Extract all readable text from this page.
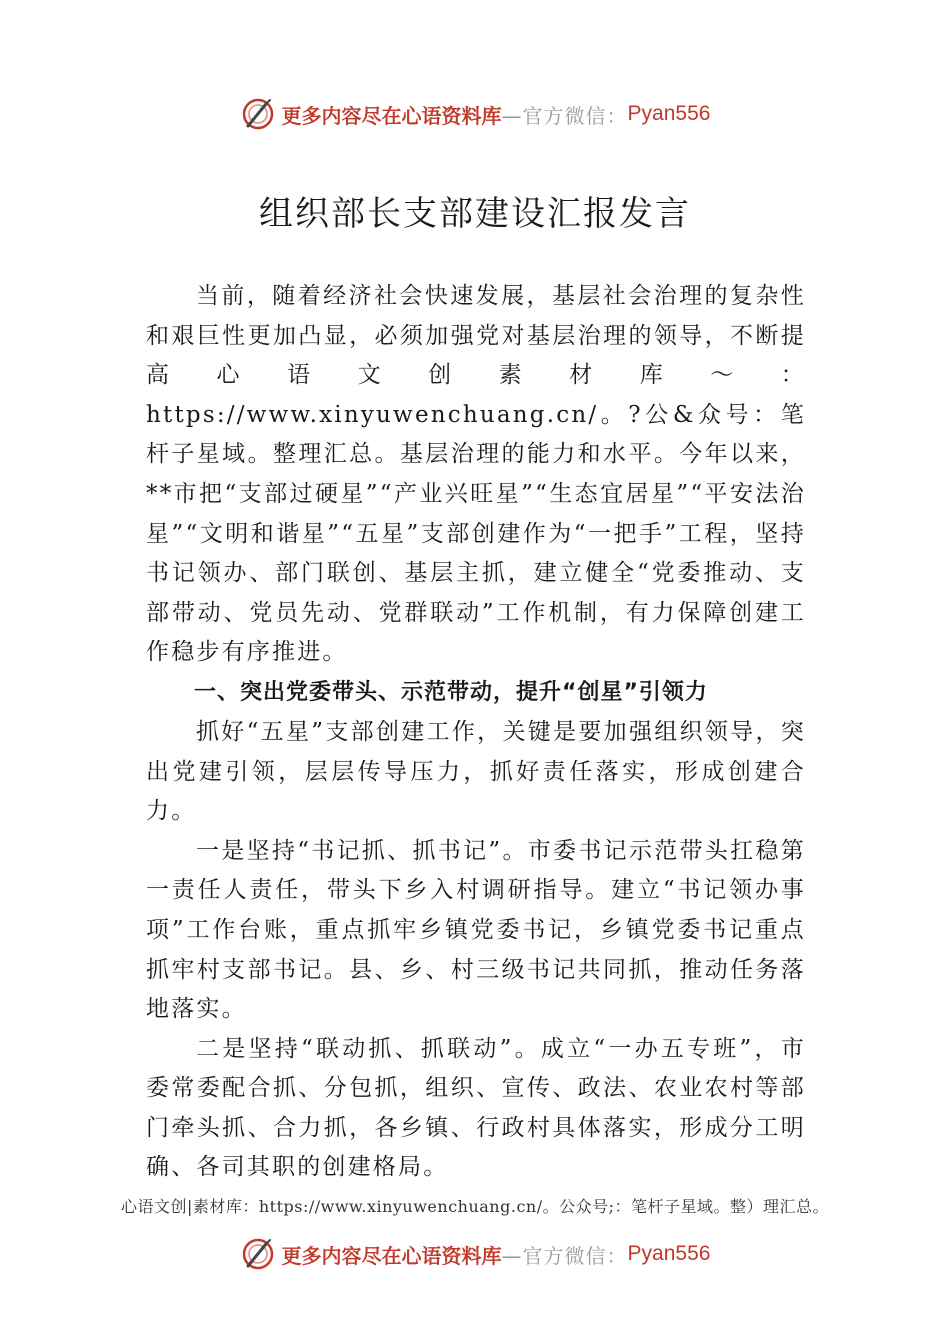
更多内容尽在心语资料库 —官方微信： Pyan556
组织部长支部建设汇报发言

当前，随着经济社会快速发展，基层社会治理的复杂性和艰巨性更加凸显，必须加强党对基层治理的领导，不断提高心语文创素材库～：https://www.xinyuwenchuang.cn/。?公&众号：笔杆子星域。整理汇总。基层治理的能力和水平。今年以来，**市把“支部过硬星”“产业兴旺星”“生态宜居星”“平安法治星”“文明和谐星”“五星”支部创建作为“一把手”工程，坚持书记领办、部门联创、基层主抓，建立健全“党委推动、支部带动、党员先动、党群联动”工作机制，有力保障创建工作稳步有序推进。

一、突出党委带头、示范带动，提升“创星”引领力

抓好“五星”支部创建工作，关键是要加强组织领导，突出党建引领，层层传导压力，抓好责任落实，形成创建合力。

一是坚持“书记抓、抓书记”。市委书记示范带头扛稳第一责任人责任，带头下乡入村调研指导。建立“书记领办事项”工作台账，重点抓牢乡镇党委书记，乡镇党委书记重点抓牢村支部书记。县、乡、村三级书记共同抓，推动任务落地落实。

二是坚持“联动抓、抓联动”。成立“一办五专班”，市委常委配合抓、分包抓，组织、宣传、政法、农业农村等部门牵头抓、合力抓，各乡镇、行政村具体落实，形成分工明确、各司其职的创建格局。

心语文创|素材库：https://www.xinyuwenchuang.cn/。公众号;：笔杆子星域。整）理汇总。
更多内容尽在心语资料库 —官方微信： Pyan556
